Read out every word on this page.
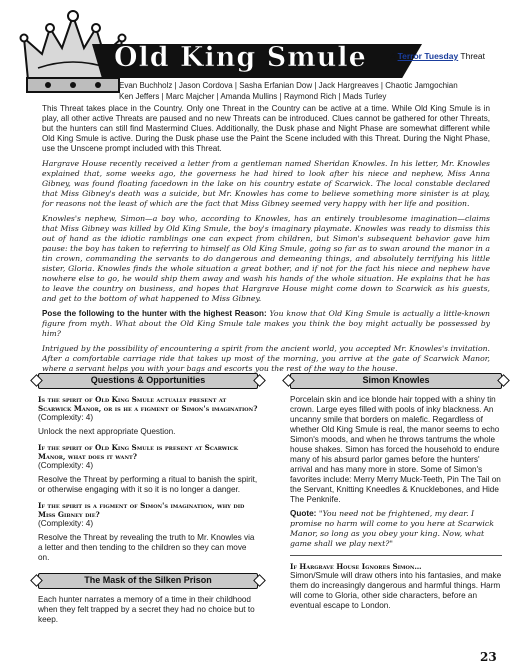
Old King Smule	A Terror Tuesday Threat
Evan Buchholz | Jason Cordova | Sasha Erfanian Dow | Jack Hargreaves | Chaotic Jamgochian
Ken Jeffers | Marc Majcher | Amanda Mullins | Raymond Rich | Mads Turley

This Threat takes place in the Country. Only one Threat in the Country can be active at a time. While Old King Smule is in play, all other active Threats are paused and no new Threats can be introduced. Clues cannot be gathered for other Threats, but the hunters can still find Mastermind Clues. Additionally, the Dusk phase and Night Phase are somewhat different while Old King Smule is active. During the Dusk phase use the Paint the Scene included with this Threat. During the Night Phase, use the Unscene prompt included with this Threat.

Hargrave House recently received a letter from a gentleman named Sheridan Knowles. In his letter, Mr. Knowles explained that, some weeks ago, the governess he had hired to look after his niece and nephew, Miss Anna Gibney, was found floating facedown in the lake on his country estate of Scarwick. The local constable declared that Miss Gibney's death was a suicide, but Mr. Knowles has come to believe something more sinister is at play, for reasons not the least of which are the fact that Miss Gibney seemed very happy with her life and position.

Knowles's nephew, Simon—a boy who, according to Knowles, has an entirely troublesome imagination—claims that Miss Gibney was killed by Old King Smule, the boy's imaginary playmate. Knowles was ready to dismiss this out of hand as the idiotic ramblings one can expect from children, but Simon's subsequent behavior gave him pause: the boy has taken to referring to himself as Old King Smule, going so far as to swan around the manor in a tin crown, commanding the servants to do dangerous and demeaning things, and absolutely terrifying his little sister, Gloria. Knowles finds the whole situation a great bother, and if not for the fact his niece and nephew have nowhere else to go, he would ship them away and wash his hands of the whole situation. He explains that he has to leave the country on business, and hopes that Hargrave House might come down to Scarwick as his guests, and get to the bottom of what happened to Miss Gibney.

Pose the following to the hunter with the highest Reason: You know that Old King Smule is actually a little-known figure from myth. What about the Old King Smule tale makes you think the boy might actually be possessed by him?

Intrigued by the possibility of encountering a spirit from the ancient world, you accepted Mr. Knowles's invitation. After a comfortable carriage ride that takes up most of the morning, you arrive at the gate of Scarwick Manor, where a servant helps you with your bags and escorts you the rest of the way to the house.

Questions & Opportunities
Is the spirit of Old King Smule actually present at Scarwick Manor, or is he a figment of Simon's imagination?
(Complexity: 4)
Unlock the next appropriate Question.
If the spirit of Old King Smule is present at Scarwick Manor, what does it want?
(Complexity: 4)
Resolve the Threat by performing a ritual to banish the spirit, or otherwise engaging with it so it is no longer a danger.
If the spirit is a figment of Simon's imagination, why did Miss Gibney die?
(Complexity: 4)
Resolve the Threat by revealing the truth to Mr. Knowles via a letter and then tending to the children so they can move on.
The Mask of the Silken Prison
Each hunter narrates a memory of a time in their childhood when they felt trapped by a secret they had no choice but to keep.
Simon Knowles
Porcelain skin and ice blonde hair topped with a shiny tin crown. Large eyes filled with pools of inky blackness. An uncanny smile that borders on malefic. Regardless of whether Old King Smule is real, the manor seems to echo Simon's moods, and when he throws tantrums the whole house shakes. Simon has forced the household to endure many of his absurd parlor games before the hunters' arrival and has many more in store. Some of Simon's favorites include: Merry Merry Muck-Teeth, Pin The Tail on the Servant, Knitting Kneedles & Knucklebones, and Hide The Penknife.
Quote: "You need not be frightened, my dear. I promise no harm will come to you here at Scarwick Manor, so long as you obey your king. Now, what game shall we play next?"
If Hargrave House Ignores Simon…
Simon/Smule will draw others into his fantasies, and make them do increasingly dangerous and harmful things. Harm will come to Gloria, other side characters, before an eventual escape to London.
23
